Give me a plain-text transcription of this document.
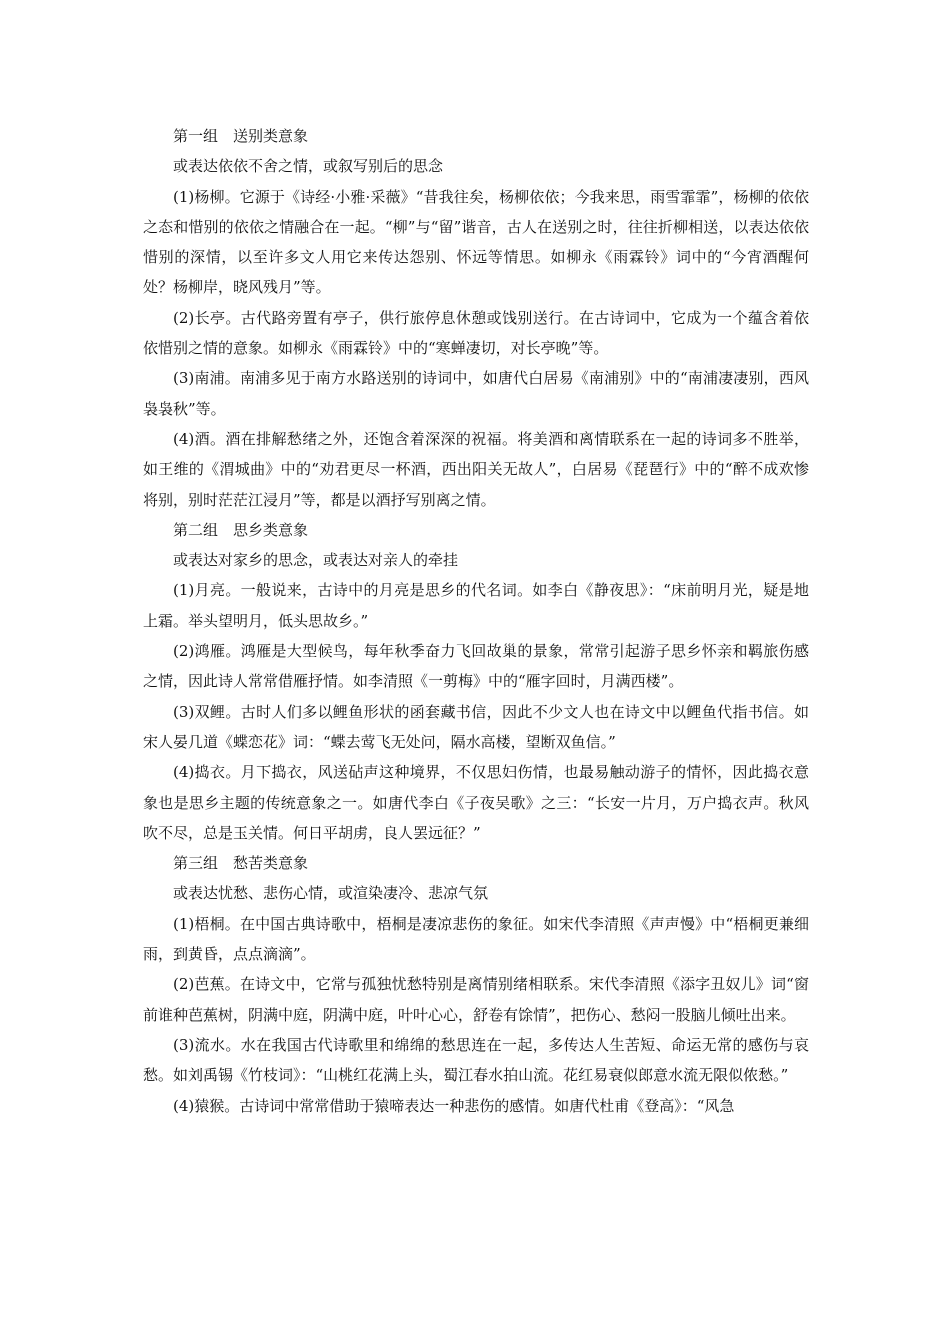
第一组　送别类意象

或表达依依不舍之情，或叙写别后的思念

(1)杨柳。它源于《诗经·小雅·采薇》“昔我往矣，杨柳依依；今我来思，雨雪霏霏”，杨柳的依依之态和惜别的依依之情融合在一起。“柳”与“留”谐音，古人在送别之时，往往折柳相送，以表达依依惜别的深情，以至许多文人用它来传达怨别、怀远等情思。如柳永《雨霖铃》词中的“今宵酒醒何处？杨柳岸，晓风残月”等。

(2)长亭。古代路旁置有亭子，供行旅停息休憩或饯别送行。在古诗词中，它成为一个蕴含着依依惜别之情的意象。如柳永《雨霖铃》中的“寒蝉凄切，对长亭晚”等。

(3)南浦。南浦多见于南方水路送别的诗词中，如唐代白居易《南浦别》中的“南浦凄凄别，西风袅袅秋”等。

(4)酒。酒在排解愁绪之外，还饱含着深深的祝福。将美酒和离情联系在一起的诗词多不胜举，如王维的《渭城曲》中的“劝君更尽一杯酒，西出阳关无故人”，白居易《琵琶行》中的“醉不成欢惨将别，别时茫茫江浸月”等，都是以酒抒写别离之情。

第二组　思乡类意象

或表达对家乡的思念，或表达对亲人的牵挂

(1)月亮。一般说来，古诗中的月亮是思乡的代名词。如李白《静夜思》：“床前明月光，疑是地上霜。举头望明月，低头思故乡。”

(2)鸿雁。鸿雁是大型候鸟，每年秋季奋力飞回故巢的景象，常常引起游子思乡怀亲和羁旅伤感之情，因此诗人常常借雁抒情。如李清照《一剪梅》中的“雁字回时，月满西楼”。

(3)双鲤。古时人们多以鲤鱼形状的函套藏书信，因此不少文人也在诗文中以鲤鱼代指书信。如宋人晏几道《蝶恋花》词：“蝶去莺飞无处问，隔水高楼，望断双鱼信。”

(4)捣衣。月下捣衣，风送砧声这种境界，不仅思妇伤情，也最易触动游子的情怀，因此捣衣意象也是思乡主题的传统意象之一。如唐代李白《子夜吴歌》之三：“长安一片月，万户捣衣声。秋风吹不尽，总是玉关情。何日平胡虏，良人罢远征？”

第三组　愁苦类意象

或表达忧愁、悲伤心情，或渲染凄冷、悲凉气氛

(1)梧桐。在中国古典诗歌中，梧桐是凄凉悲伤的象征。如宋代李清照《声声慢》中“梧桐更兼细雨，到黄昏，点点滴滴”。

(2)芭蕉。在诗文中，它常与孤独忧愁特别是离情别绪相联系。宋代李清照《添字丑奴儿》词“窗前谁种芭蕉树，阴满中庭，阴满中庭，叶叶心心，舒卷有馀情”，把伤心、愁闷一股脑儿倾吐出来。

(3)流水。水在我国古代诗歌里和绵绵的愁思连在一起，多传达人生苦短、命运无常的感伤与哀愁。如刘禹锡《竹枝词》：“山桃红花满上头，蜀江春水拍山流。花红易衰似郎意水流无限似侬愁。”

(4)猿猴。古诗词中常常借助于猿啼表达一种悲伤的感情。如唐代杜甫《登高》：“风急
